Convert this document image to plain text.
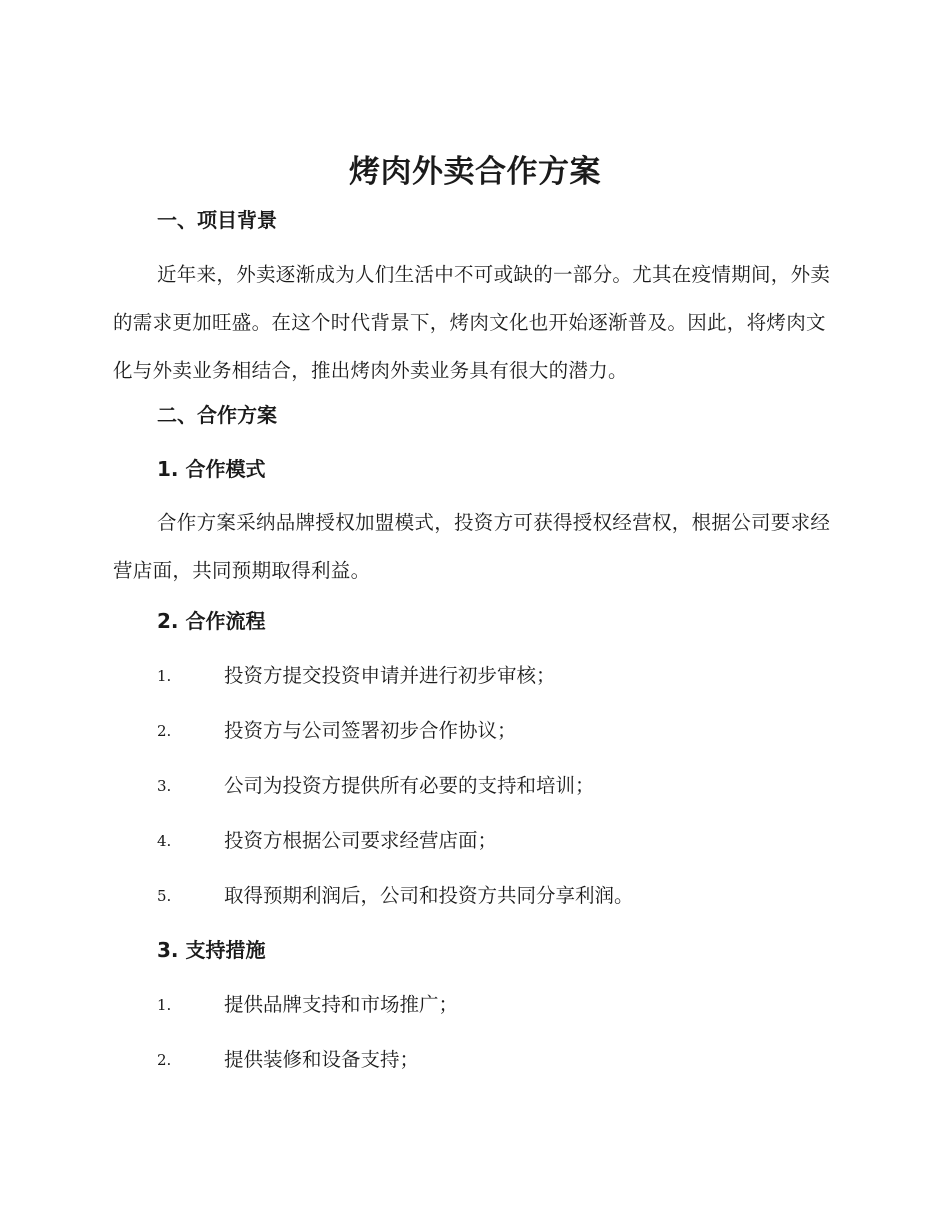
烤肉外卖合作方案
一、项目背景

近年来，外卖逐渐成为人们生活中不可或缺的一部分。尤其在疫情期间，外卖的需求更加旺盛。在这个时代背景下，烤肉文化也开始逐渐普及。因此，将烤肉文化与外卖业务相结合，推出烤肉外卖业务具有很大的潜力。

二、合作方案
1. 合作模式

合作方案采纳品牌授权加盟模式，投资方可获得授权经营权，根据公司要求经营店面，共同预期取得利益。

2. 合作流程
1.	投资方提交投资申请并进行初步审核；
2.	投资方与公司签署初步合作协议；
3.	公司为投资方提供所有必要的支持和培训；
4.	投资方根据公司要求经营店面；
5.	取得预期利润后，公司和投资方共同分享利润。
3. 支持措施
1.	提供品牌支持和市场推广；
2.	提供装修和设备支持；
